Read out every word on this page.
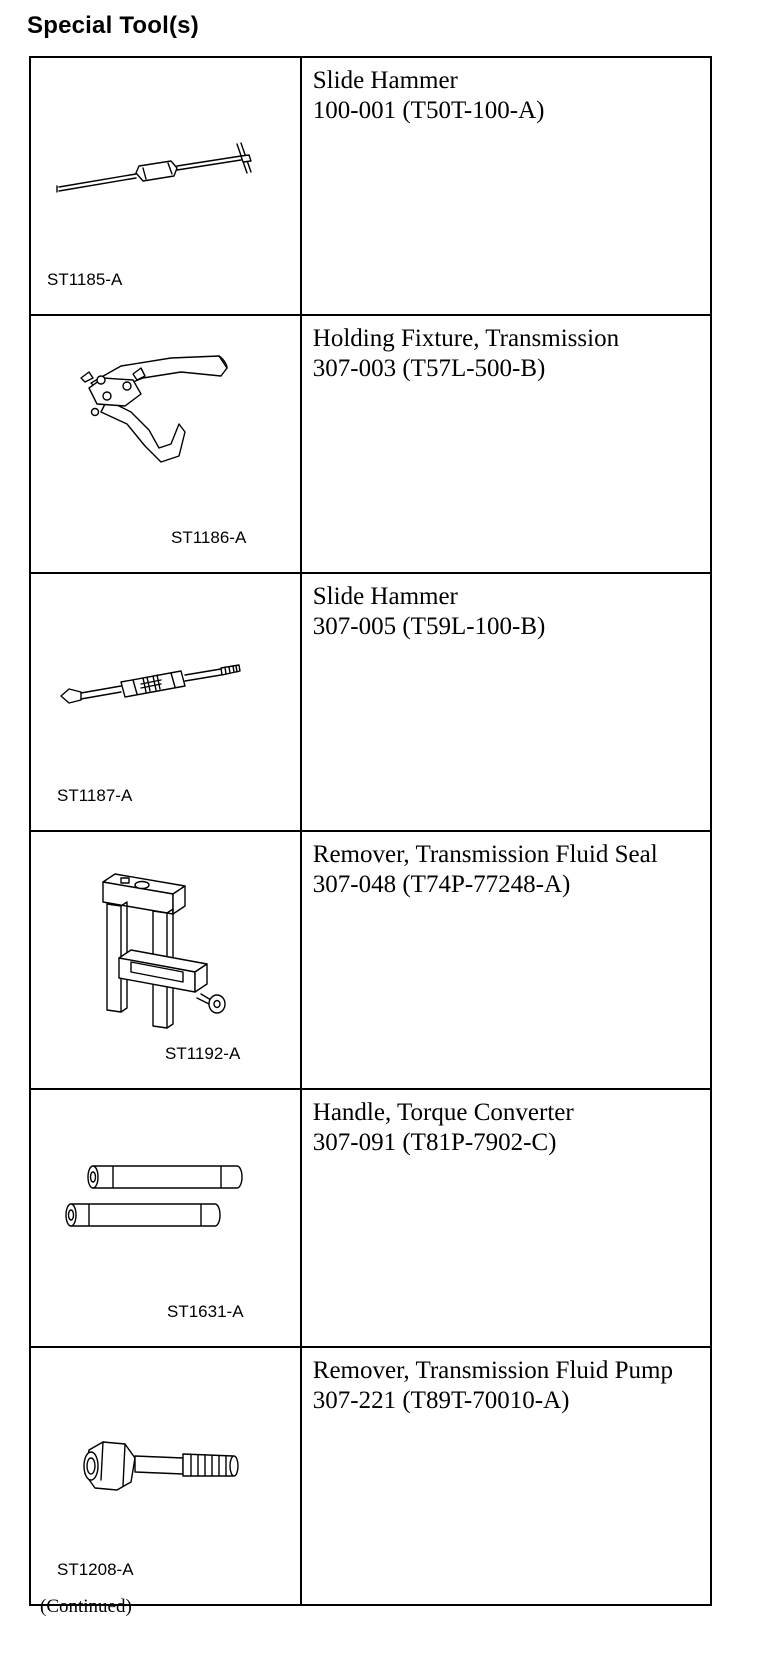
Special Tool(s)
ST1185-A	Slide Hammer
100-001 (T50T-100-A)

ST1186-A	Holding Fixture, Transmission
307-003 (T57L-500-B)

ST1187-A	Slide Hammer
307-005 (T59L-100-B)

ST1192-A	Remover, Transmission Fluid Seal
307-048 (T74P-77248-A)

ST1631-A	Handle, Torque Converter
307-091 (T81P-7902-C)

ST1208-A	Remover, Transmission Fluid Pump
307-221 (T89T-70010-A)
(Continued)
